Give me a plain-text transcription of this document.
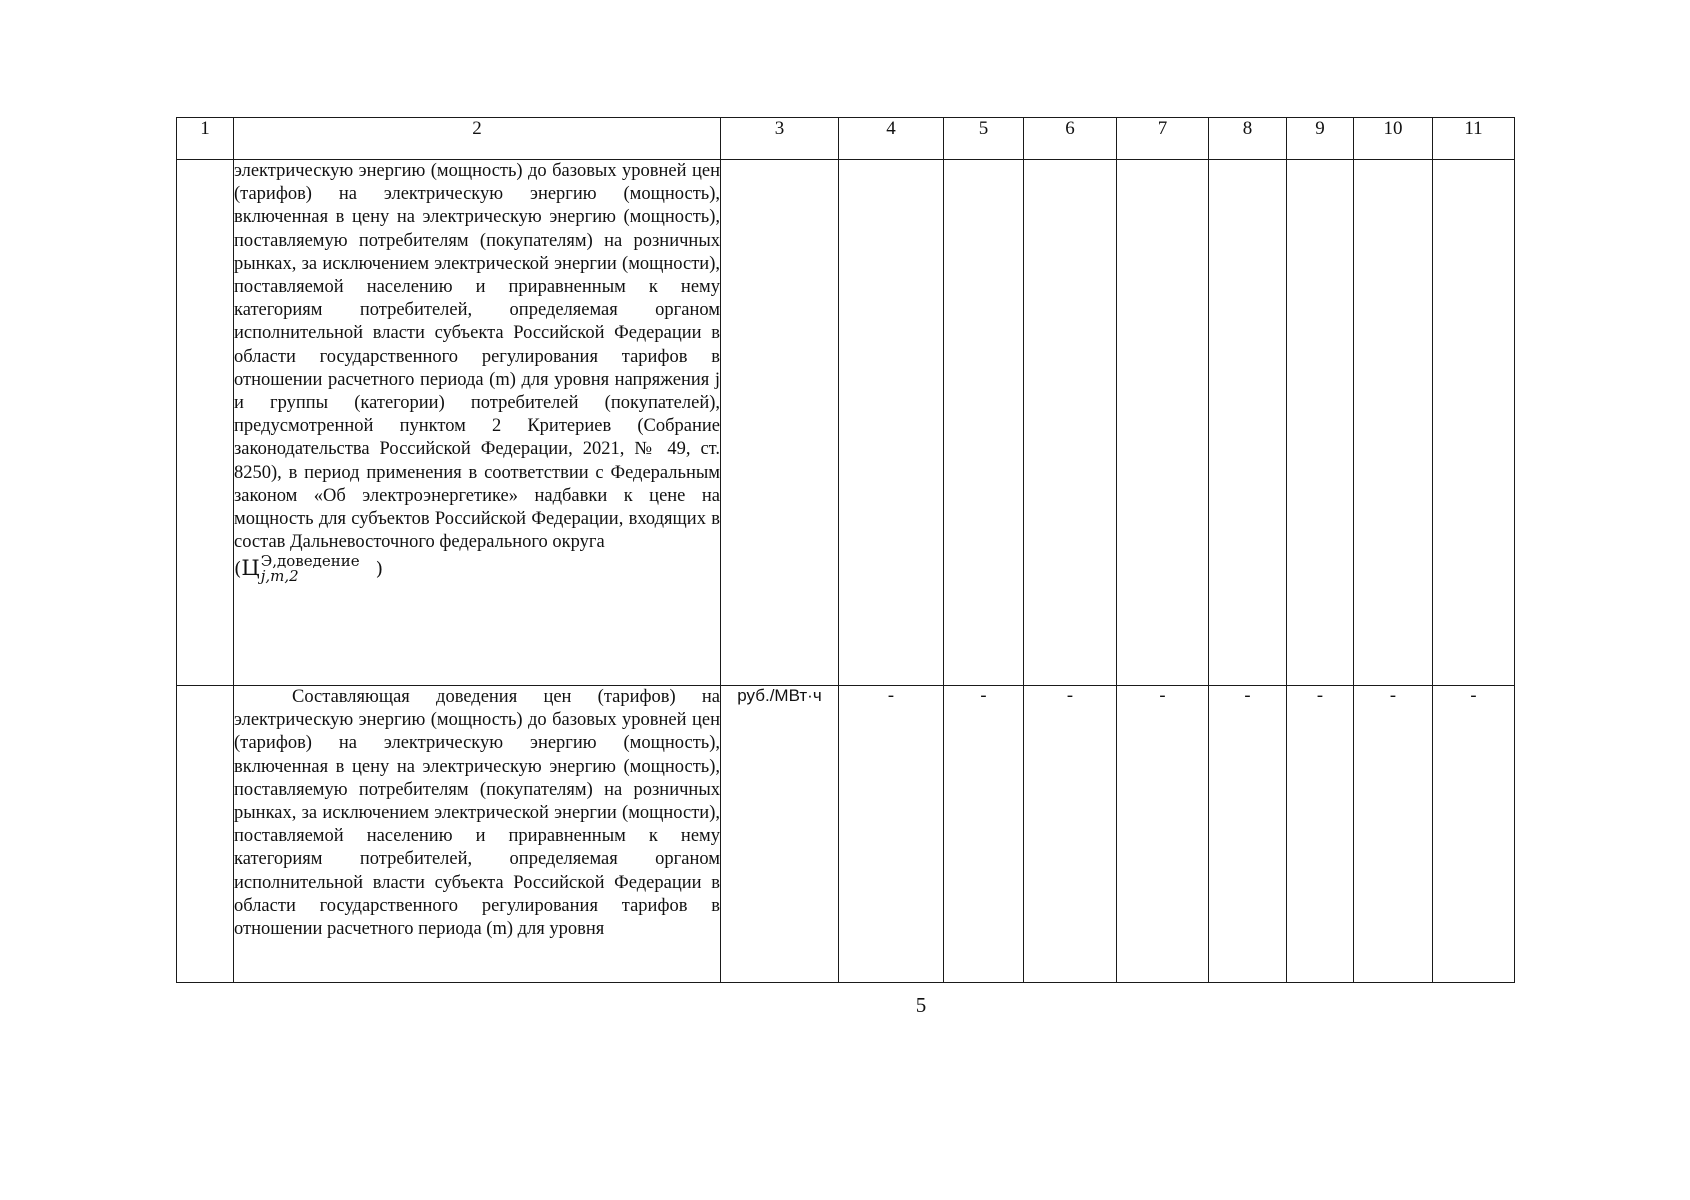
1	2	3	4	5	6	7	8	9	10	11

	электрическую энергию (мощность) до базовых уровней цен (тарифов) на электрическую энергию (мощность), включенная в цену на электрическую энергию (мощность), поставляемую потребителям (покупателям) на розничных рынках, за исключением электрической энергии (мощности), поставляемой населению и приравненным к нему категориям потребителей, определяемая органом исполнительной власти субъекта Российской Федерации в области государственного регулирования тарифов в отношении расчетного периода (m) для уровня напряжения j и группы (категории) потребителей (покупателей), предусмотренной пунктом 2 Критериев (Собрание законодательства Российской Федерации, 2021, № 49, ст. 8250), в период применения в соответствии с Федеральным законом «Об электроэнергетике» надбавки к цене на мощность для субъектов Российской Федерации, входящих в состав Дальневосточного федерального округа

(Ц Э,доведение
j,m,2 )									

	Составляющая доведения цен (тарифов) на электрическую энергию (мощность) до базовых уровней цен (тарифов) на электрическую энергию (мощность), включенная в цену на электрическую энергию (мощность), поставляемую потребителям (покупателям) на розничных рынках, за исключением электрической энергии (мощности), поставляемой населению и приравненным к нему категориям потребителей, определяемая органом исполнительной власти субъекта Российской Федерации в области государственного регулирования тарифов в отношении расчетного периода (m) для уровня	руб./МВт·ч	-	-	-	-	-	-	-	-
5
